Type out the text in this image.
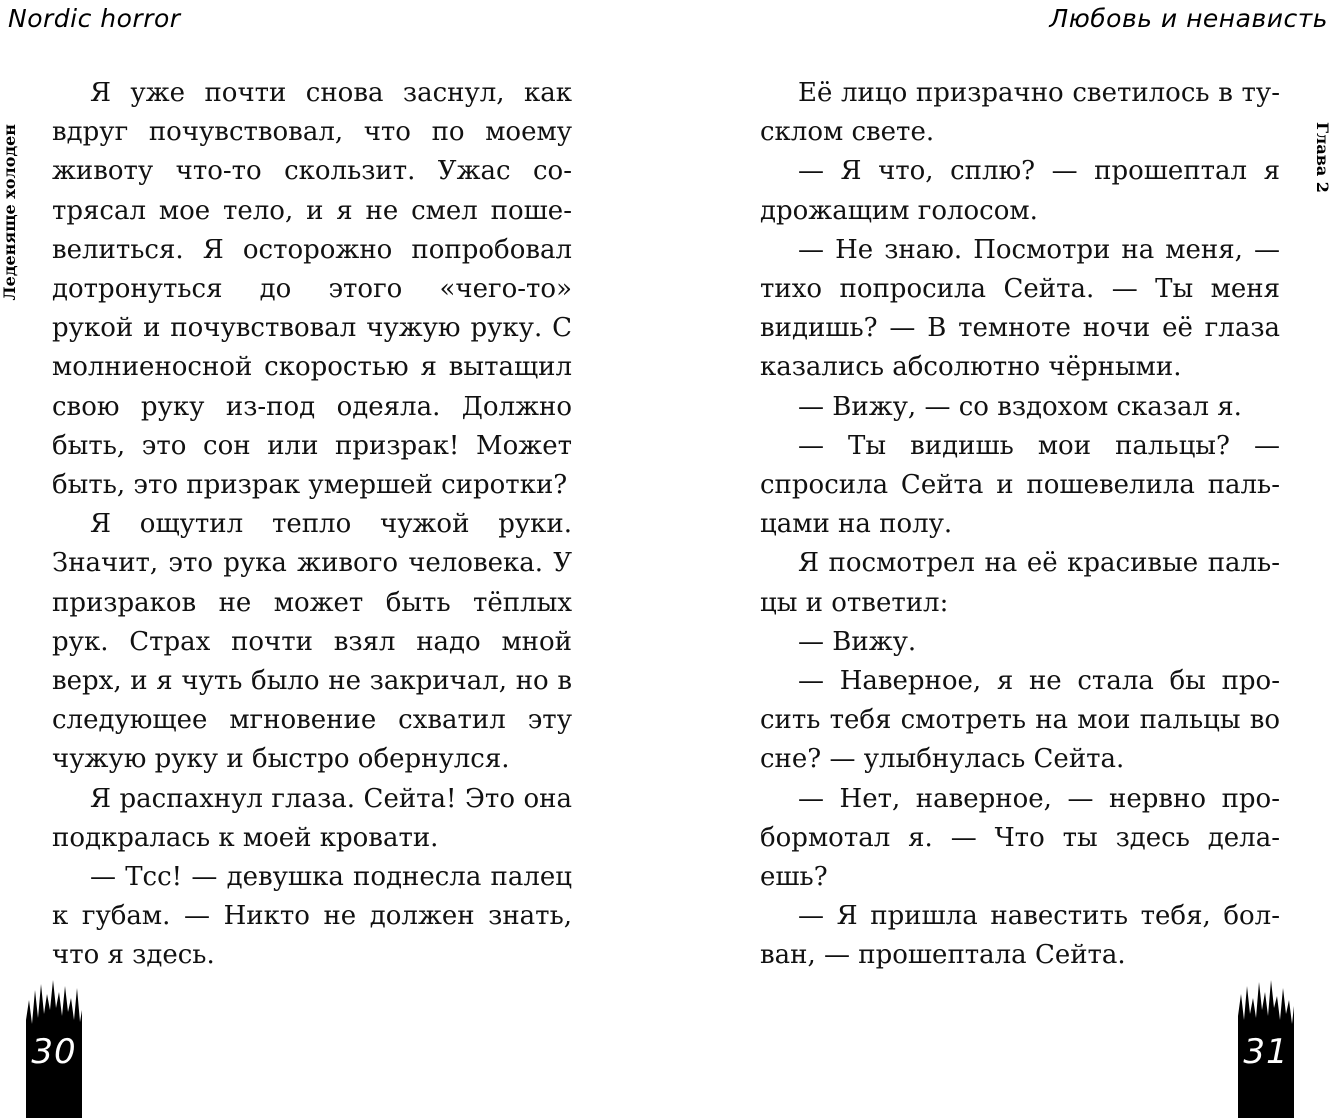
Nordic horror	Любовь и ненависть
Леденяще холоден	Глава 2

Я уже почти снова заснул, как вдруг почувствовал, что по моему животу что-то скользит. Ужас сотрясал мое тело, и я не смел пошевелиться. Я осторожно попробовал дотронуться до этого «чего-то» рукой и почувствовал чужую руку. С молниеносной скоростью я вытащил свою руку из-под одеяла. Должно быть, это сон или призрак! Может быть, это призрак умершей сиротки?

Я ощутил тепло чужой руки. Значит, это рука живого человека. У призраков не может быть тёплых рук. Страх почти взял надо мной верх, и я чуть было не закричал, но в следующее мгновение схватил эту чужую руку и быстро обернулся.

Я распахнул глаза. Сейта! Это она подкралась к моей кровати.

— Тсс! — девушка поднесла палец к губам. — Никто не должен знать, что я здесь.

Её лицо призрачно светилось в тусклом свете.

— Я что, сплю? — прошептал я дрожащим голосом.

— Не знаю. Посмотри на меня, — тихо попросила Сейта. — Ты меня видишь? — В темноте ночи её глаза казались абсолютно чёрными.

— Вижу, — со вздохом сказал я.

— Ты видишь мои пальцы? — спросила Сейта и пошевелила пальцами на полу.

Я посмотрел на её красивые пальцы и ответил:

— Вижу.

— Наверное, я не стала бы просить тебя смотреть на мои пальцы во сне? — улыбнулась Сейта.

— Нет, наверное, — нервно пробормотал я. — Что ты здесь делаешь?

— Я пришла навестить тебя, болван, — прошептала Сейта.

30	31
